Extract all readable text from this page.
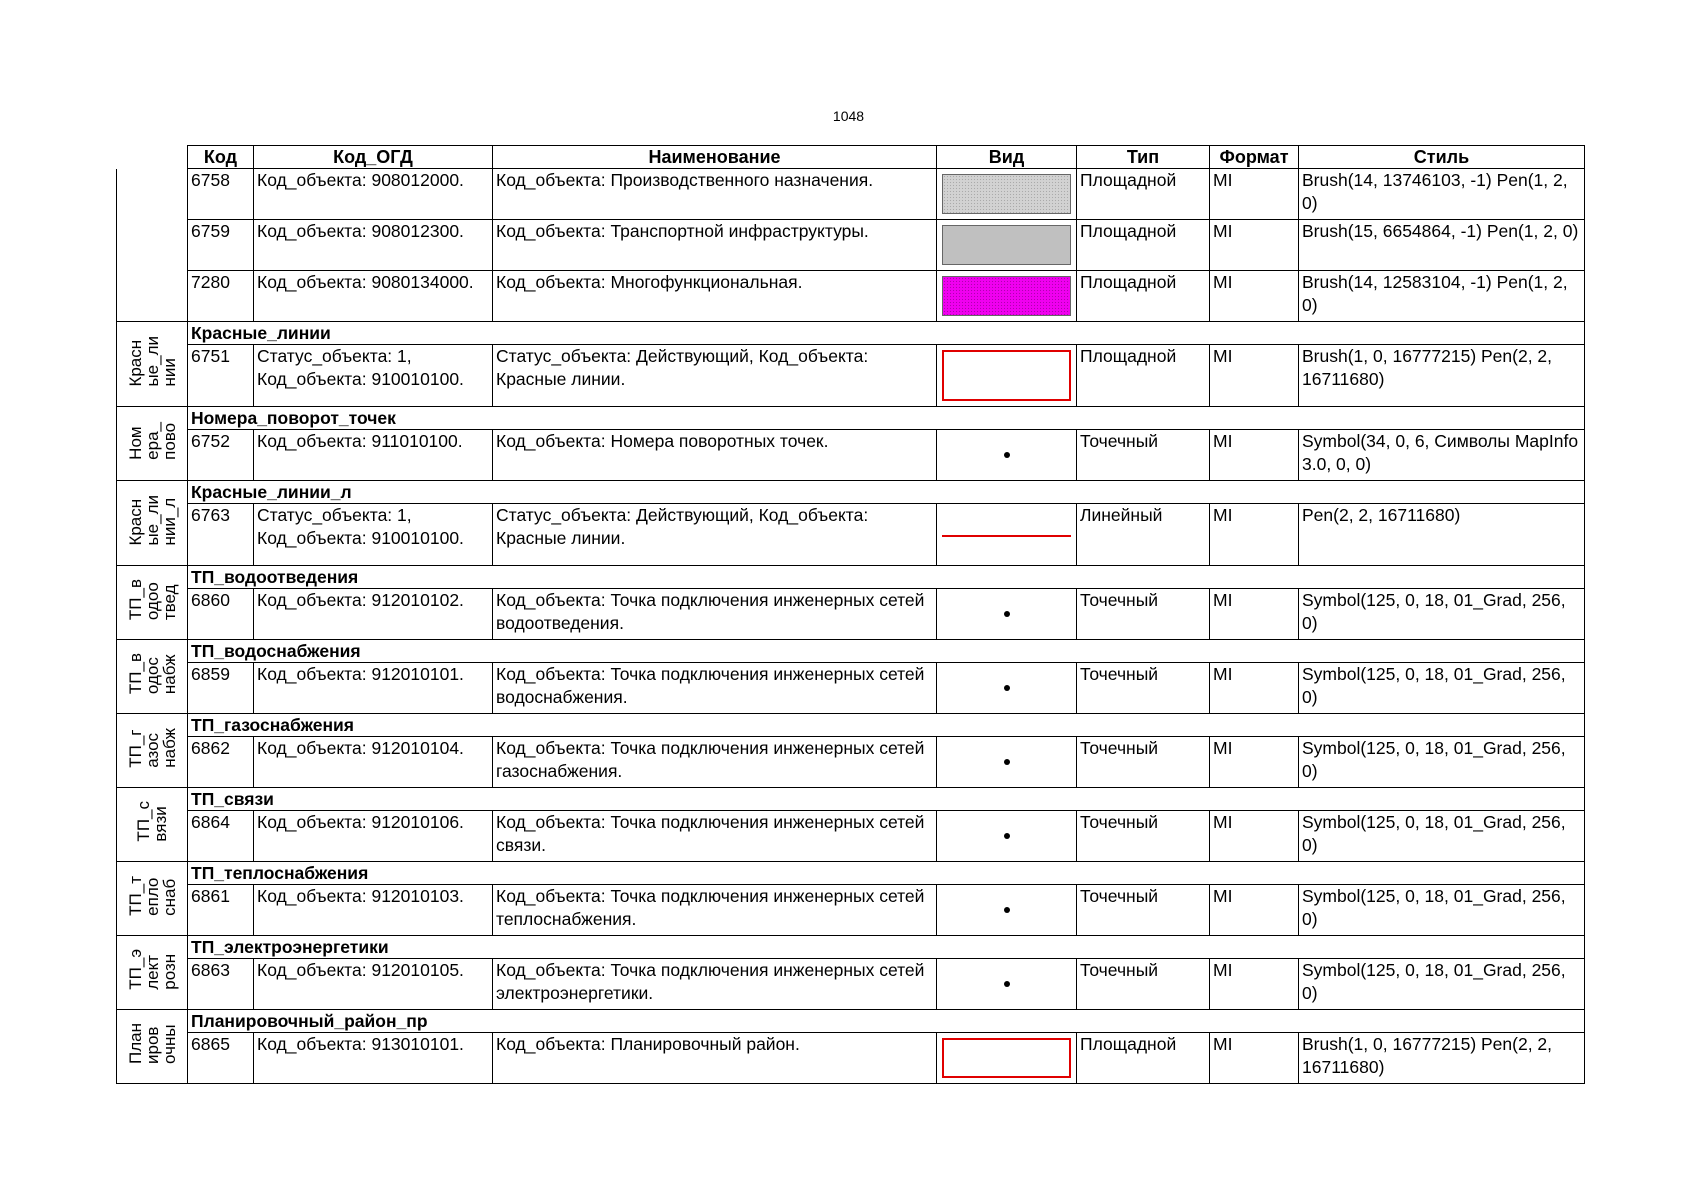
1048
	Код	Код_ОГД	Наименование	Вид	Тип	Формат	Стиль
	6758	Код_объекта: 908012000.	Код_объекта: Производственного назначения.		Площадной	MI	Brush(14, 13746103, -1) Pen(1, 2, 0)
	6759	Код_объекта: 908012300.	Код_объекта: Транспортной инфраструктуры.		Площадной	MI	Brush(15, 6654864, -1) Pen(1, 2, 0)
	7280	Код_объекта: 9080134000.	Код_объекта: Многофункциональная.		Площадной	MI	Brush(14, 12583104, -1) Pen(1, 2, 0)
Красн
ые_ли
нии	Красные_линии						
	6751	Статус_объекта: 1, Код_объекта: 910010100.	Статус_объекта: Действующий, Код_объекта: Красные линии.		Площадной	MI	Brush(1, 0, 16777215) Pen(2, 2, 16711680)
Ном
ера_
пово	Номера_поворот_точек						
	6752	Код_объекта: 911010100.	Код_объекта: Номера поворотных точек.		Точечный	MI	Symbol(34, 0, 6, Символы MapInfo 3.0, 0, 0)
Красн
ые_ли
нии_л	Красные_линии_л						
	6763	Статус_объекта: 1, Код_объекта: 910010100.	Статус_объекта: Действующий, Код_объекта: Красные линии.		Линейный	MI	Pen(2, 2, 16711680)
ТП_в
одоо
твед	ТП_водоотведения						
	6860	Код_объекта: 912010102.	Код_объекта: Точка подключения инженерных сетей водоотведения.		Точечный	MI	Symbol(125, 0, 18, 01_Grad, 256, 0)
ТП_в
одос
набж	ТП_водоснабжения						
	6859	Код_объекта: 912010101.	Код_объекта: Точка подключения инженерных сетей водоснабжения.		Точечный	MI	Symbol(125, 0, 18, 01_Grad, 256, 0)
ТП_г
азос
набж	ТП_газоснабжения						
	6862	Код_объекта: 912010104.	Код_объекта: Точка подключения инженерных сетей газоснабжения.		Точечный	MI	Symbol(125, 0, 18, 01_Grad, 256, 0)
ТП_с
вязи	ТП_связи						
	6864	Код_объекта: 912010106.	Код_объекта: Точка подключения инженерных сетей связи.		Точечный	MI	Symbol(125, 0, 18, 01_Grad, 256, 0)
ТП_т
епло
снаб	ТП_теплоснабжения						
	6861	Код_объекта: 912010103.	Код_объекта: Точка подключения инженерных сетей теплоснабжения.		Точечный	MI	Symbol(125, 0, 18, 01_Grad, 256, 0)
ТП_э
лект
розн	ТП_электроэнергетики						
	6863	Код_объекта: 912010105.	Код_объекта: Точка подключения инженерных сетей электроэнергетики.		Точечный	MI	Symbol(125, 0, 18, 01_Grad, 256, 0)
План
иров
очны	Планировочный_район_пр						
	6865	Код_объекта: 913010101.	Код_объекта: Планировочный район.		Площадной	MI	Brush(1, 0, 16777215) Pen(2, 2, 16711680)
